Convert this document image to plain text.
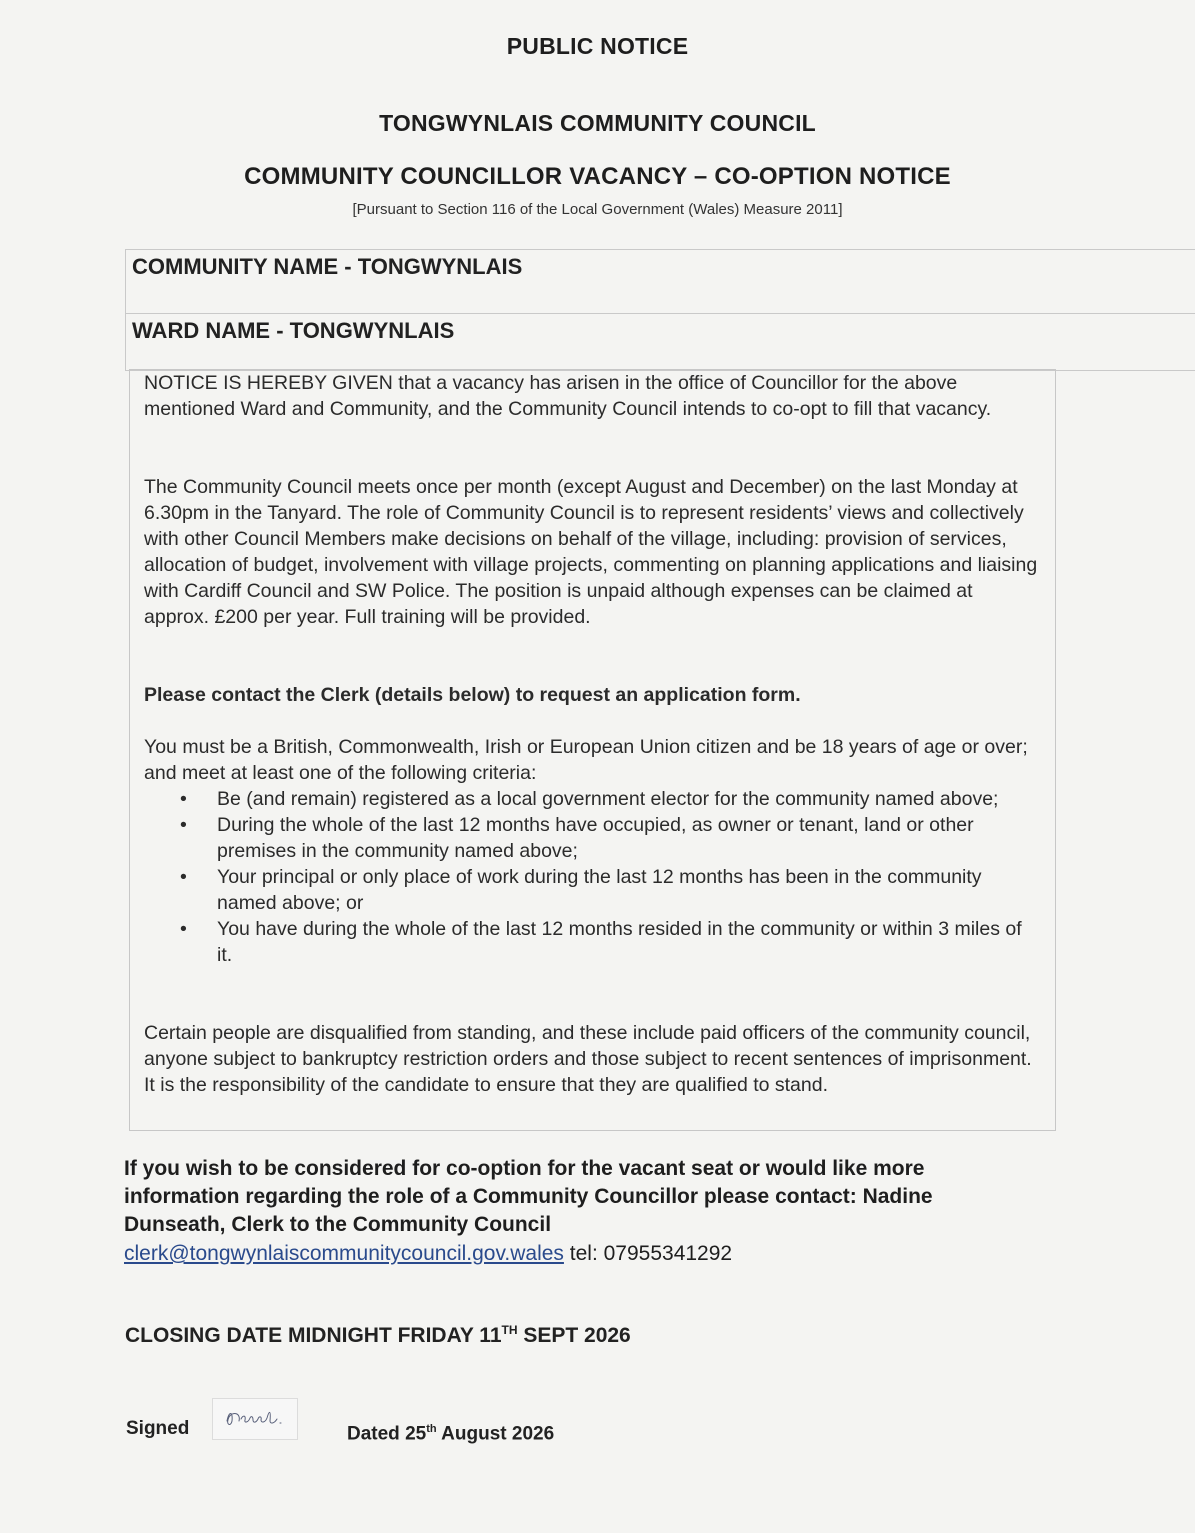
PUBLIC NOTICE
TONGWYNLAIS COMMUNITY COUNCIL
COMMUNITY COUNCILLOR VACANCY – CO-OPTION NOTICE
[Pursuant to Section 116 of the Local Government (Wales) Measure 2011]
COMMUNITY NAME - TONGWYNLAIS
WARD NAME - TONGWYNLAIS

NOTICE IS HEREBY GIVEN that a vacancy has arisen in the office of Councillor for the above mentioned Ward and Community, and the Community Council intends to co-opt to fill that vacancy.

The Community Council meets once per month (except August and December) on the last Monday at 6.30pm in the Tanyard. The role of Community Council is to represent residents’ views and collectively with other Council Members make decisions on behalf of the village, including: provision of services, allocation of budget, involvement with village projects, commenting on planning applications and liaising with Cardiff Council and SW Police. The position is unpaid although expenses can be claimed at approx. £200 per year. Full training will be provided.

Please contact the Clerk (details below) to request an application form.

You must be a British, Commonwealth, Irish or European Union citizen and be 18 years of age or over; and meet at least one of the following criteria:

• Be (and remain) registered as a local government elector for the community named above;
• During the whole of the last 12 months have occupied, as owner or tenant, land or other premises in the community named above;
• Your principal or only place of work during the last 12 months has been in the community named above; or
• You have during the whole of the last 12 months resided in the community or within 3 miles of it.

Certain people are disqualified from standing, and these include paid officers of the community council, anyone subject to bankruptcy restriction orders and those subject to recent sentences of imprisonment. It is the responsibility of the candidate to ensure that they are qualified to stand.

If you wish to be considered for co-option for the vacant seat or would like more information regarding the role of a Community Councillor please contact: Nadine Dunseath, Clerk to the Community Council
clerk@tongwynlaiscommunitycouncil.gov.wales tel: 07955341292
CLOSING DATE MIDNIGHT FRIDAY 11TH SEPT 2026
Signed	Dated 25th August 2026
